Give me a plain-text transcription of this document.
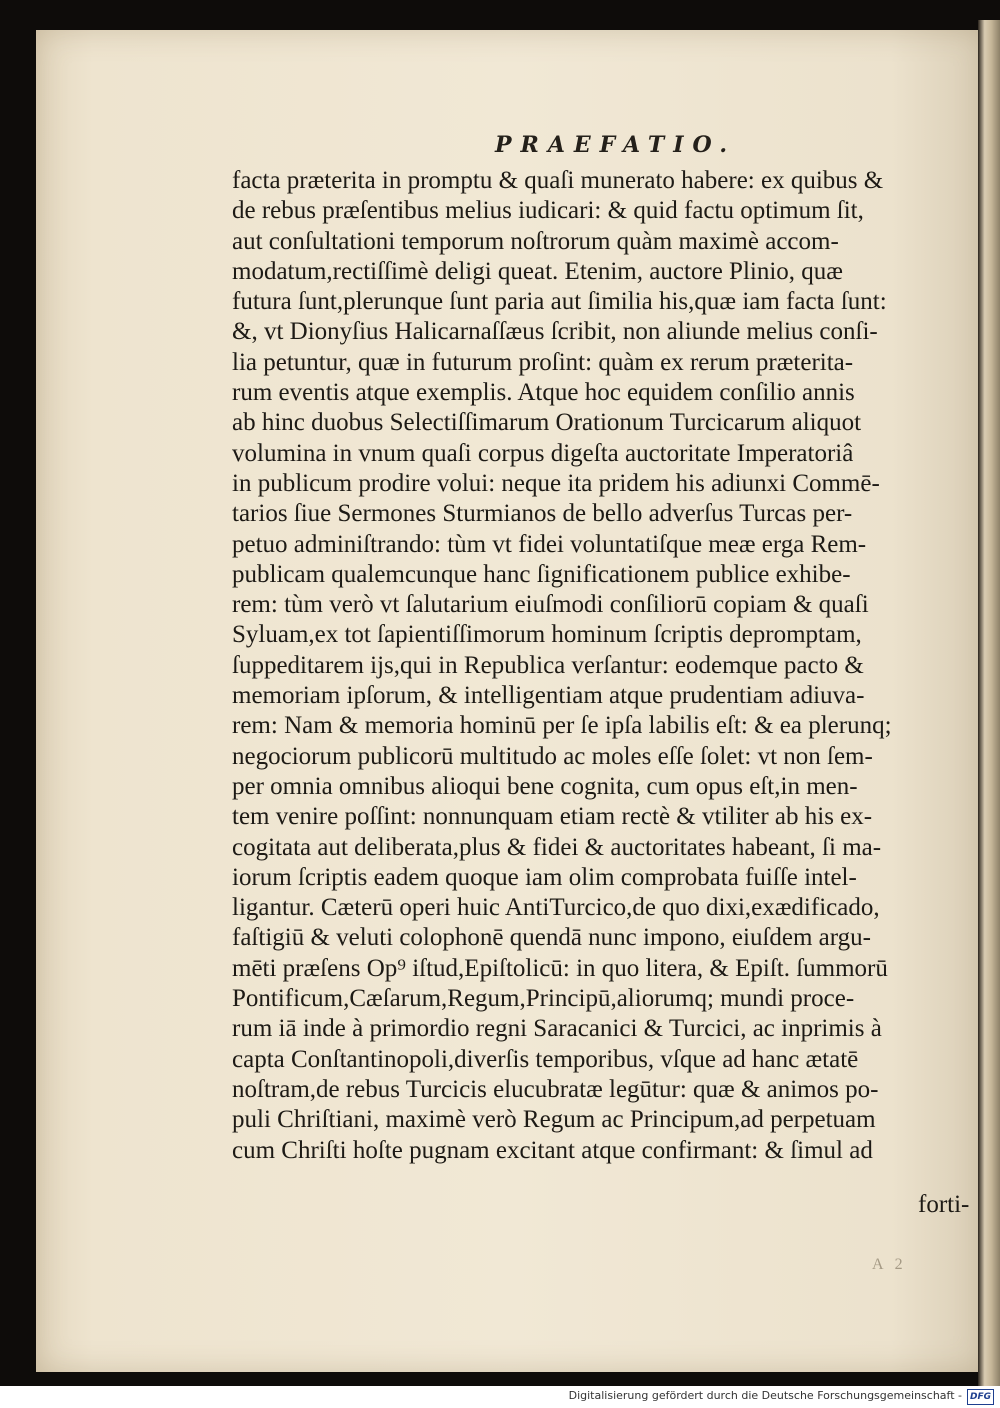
PRAEFATIO.
facta præterita in promptu & quaſi munerato habere: ex quibus &
de rebus præſentibus melius iudicari: & quid factu optimum ſit,
aut conſultationi temporum noſtrorum quàm maximè accom-
modatum,rectiſſimè deligi queat. Etenim, auctore Plinio, quæ
futura ſunt,plerunque ſunt paria aut ſimilia his,quæ iam facta ſunt:
&, vt Dionyſius Halicarnaſſæus ſcribit, non aliunde melius conſi-
lia petuntur, quæ in futurum proſint: quàm ex rerum præterita-
rum eventis atque exemplis. Atque hoc equidem conſilio annis
ab hinc duobus Selectiſſimarum Orationum Turcicarum aliquot
volumina in vnum quaſi corpus digeſta auctoritate Imperatoriâ
in publicum prodire volui: neque ita pridem his adiunxi Commē-
tarios ſiue Sermones Sturmianos de bello adverſus Turcas per-
petuo adminiſtrando: tùm vt fidei voluntatiſque meæ erga Rem-
publicam qualemcunque hanc ſignificationem publice exhibe-
rem: tùm verò vt ſalutarium eiuſmodi conſiliorū copiam & quaſi
Syluam,ex tot ſapientiſſimorum hominum ſcriptis depromptam,
ſuppeditarem ijs,qui in Republica verſantur: eodemque pacto &
memoriam ipſorum, & intelligentiam atque prudentiam adiuva-
rem: Nam & memoria hominū per ſe ipſa labilis eſt: & ea plerunq;
negociorum publicorū multitudo ac moles eſſe ſolet: vt non ſem-
per omnia omnibus alioqui bene cognita, cum opus eſt,in men-
tem venire poſſint: nonnunquam etiam rectè & vtiliter ab his ex-
cogitata aut deliberata,plus & fidei & auctoritates habeant, ſi ma-
iorum ſcriptis eadem quoque iam olim comprobata fuiſſe intel-
ligantur. Cæterū operi huic AntiTurcico,de quo dixi,exædificado,
faſtigiū & veluti colophonē quendā nunc impono, eiuſdem argu-
mēti præſens Op⁹ iſtud,Epiſtolicū: in quo litera, & Epiſt. ſummorū
Pontificum,Cæſarum,Regum,Principū,aliorumq; mundi proce-
rum iā inde à primordio regni Saracanici & Turcici, ac inprimis à
capta Conſtantinopoli,diverſis temporibus, vſque ad hanc ætatē
noſtram,de rebus Turcicis elucubratæ legūtur: quæ & animos po-
puli Chriſtiani, maximè verò Regum ac Principum,ad perpetuam
cum Chriſti hoſte pugnam excitant atque confirmant: & ſimul ad
forti-
A 2
Digitalisierung gefördert durch die Deutsche Forschungsgemeinschaft - DFG
